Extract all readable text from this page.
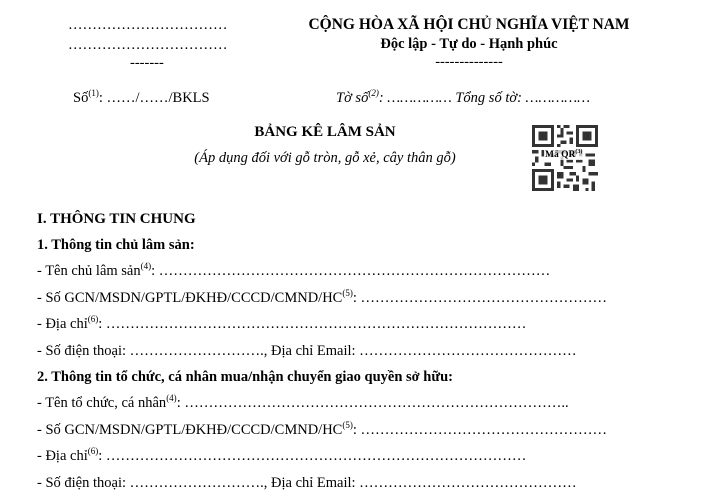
……………………………
……………………………
-------
CỘNG HÒA XÃ HỘI CHỦ NGHĨA VIỆT NAM
Độc lập - Tự do - Hạnh phúc
--------------
Số$^{(1)}$: ……/……/BKLS	Tờ số$^{(2)}$: …………… Tổng số tờ: ……………
BẢNG KÊ LÂM SẢN
(Áp dụng đối với gỗ tròn, gỗ xẻ, cây thân gỗ)	Mã QR$^{(3)}$
I. THÔNG TIN CHUNG
1. Thông tin chủ lâm sản:
- Tên chủ lâm sản$^{(4)}$: ………………………………………………………………………
- Số GCN/MSDN/GPTL/ĐKHĐ/CCCD/CMND/HC$^{(5)}$: ……………………………………………
- Địa chỉ$^{(6)}$: ……………………………………………………………………………
- Số điện thoại: ………………………., Địa chỉ Email: ………………………………………
2. Thông tin tổ chức, cá nhân mua/nhận chuyển giao quyền sở hữu:
- Tên tổ chức, cá nhân$^{(4)}$: ……………………………………………………………………..
- Số GCN/MSDN/GPTL/ĐKHĐ/CCCD/CMND/HC$^{(5)}$: ……………………………………………
- Địa chỉ$^{(6)}$: ……………………………………………………………………………
- Số điện thoại: ………………………., Địa chỉ Email: ………………………………………
